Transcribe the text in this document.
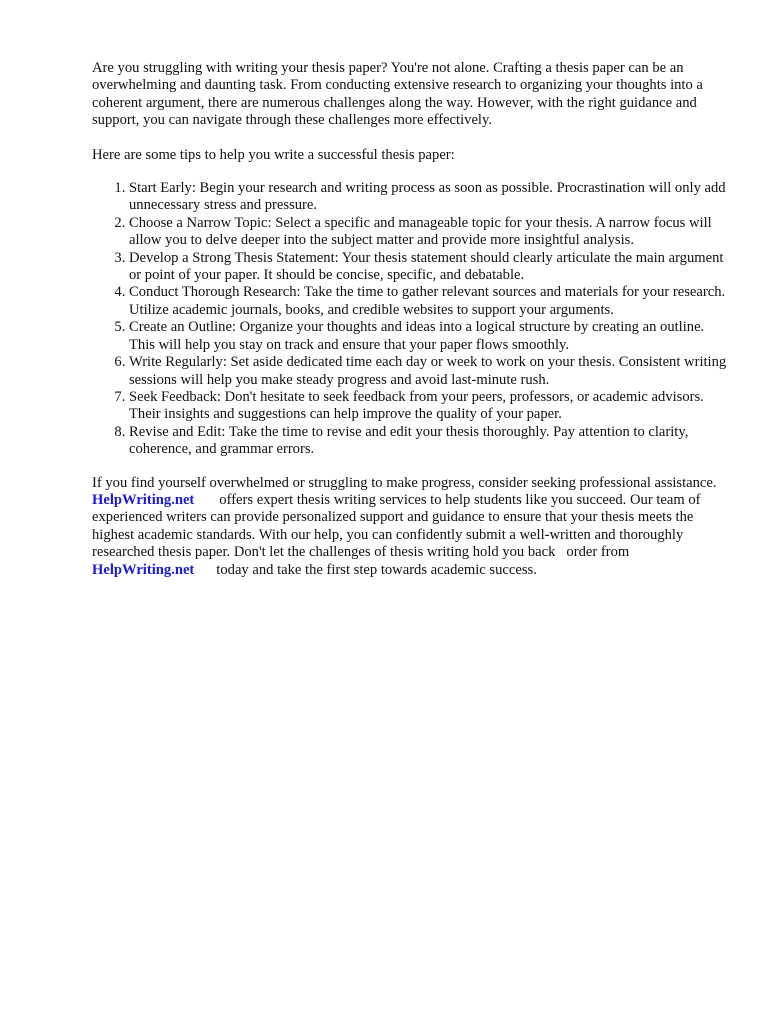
Are you struggling with writing your thesis paper? You're not alone. Crafting a thesis paper can be an overwhelming and daunting task. From conducting extensive research to organizing your thoughts into a coherent argument, there are numerous challenges along the way. However, with the right guidance and support, you can navigate through these challenges more effectively.

Here are some tips to help you write a successful thesis paper:

1. Start Early: Begin your research and writing process as soon as possible. Procrastination will only add unnecessary stress and pressure.
2. Choose a Narrow Topic: Select a specific and manageable topic for your thesis. A narrow focus will allow you to delve deeper into the subject matter and provide more insightful analysis.
3. Develop a Strong Thesis Statement: Your thesis statement should clearly articulate the main argument or point of your paper. It should be concise, specific, and debatable.
4. Conduct Thorough Research: Take the time to gather relevant sources and materials for your research. Utilize academic journals, books, and credible websites to support your arguments.
5. Create an Outline: Organize your thoughts and ideas into a logical structure by creating an outline. This will help you stay on track and ensure that your paper flows smoothly.
6. Write Regularly: Set aside dedicated time each day or week to work on your thesis. Consistent writing sessions will help you make steady progress and avoid last-minute rush.
7. Seek Feedback: Don't hesitate to seek feedback from your peers, professors, or academic advisors. Their insights and suggestions can help improve the quality of your paper.
8. Revise and Edit: Take the time to revise and edit your thesis thoroughly. Pay attention to clarity, coherence, and grammar errors.

If you find yourself overwhelmed or struggling to make progress, consider seeking professional assistance.HelpWriting.net offers expert thesis writing services to help students like you succeed. Our team of experienced writers can provide personalized support and guidance to ensure that your thesis meets the highest academic standards. With our help, you can confidently submit a well-written and thoroughly researched thesis paper. Don't let the challenges of thesis writing hold you back order fromHelpWriting.net today and take the first step towards academic success.
